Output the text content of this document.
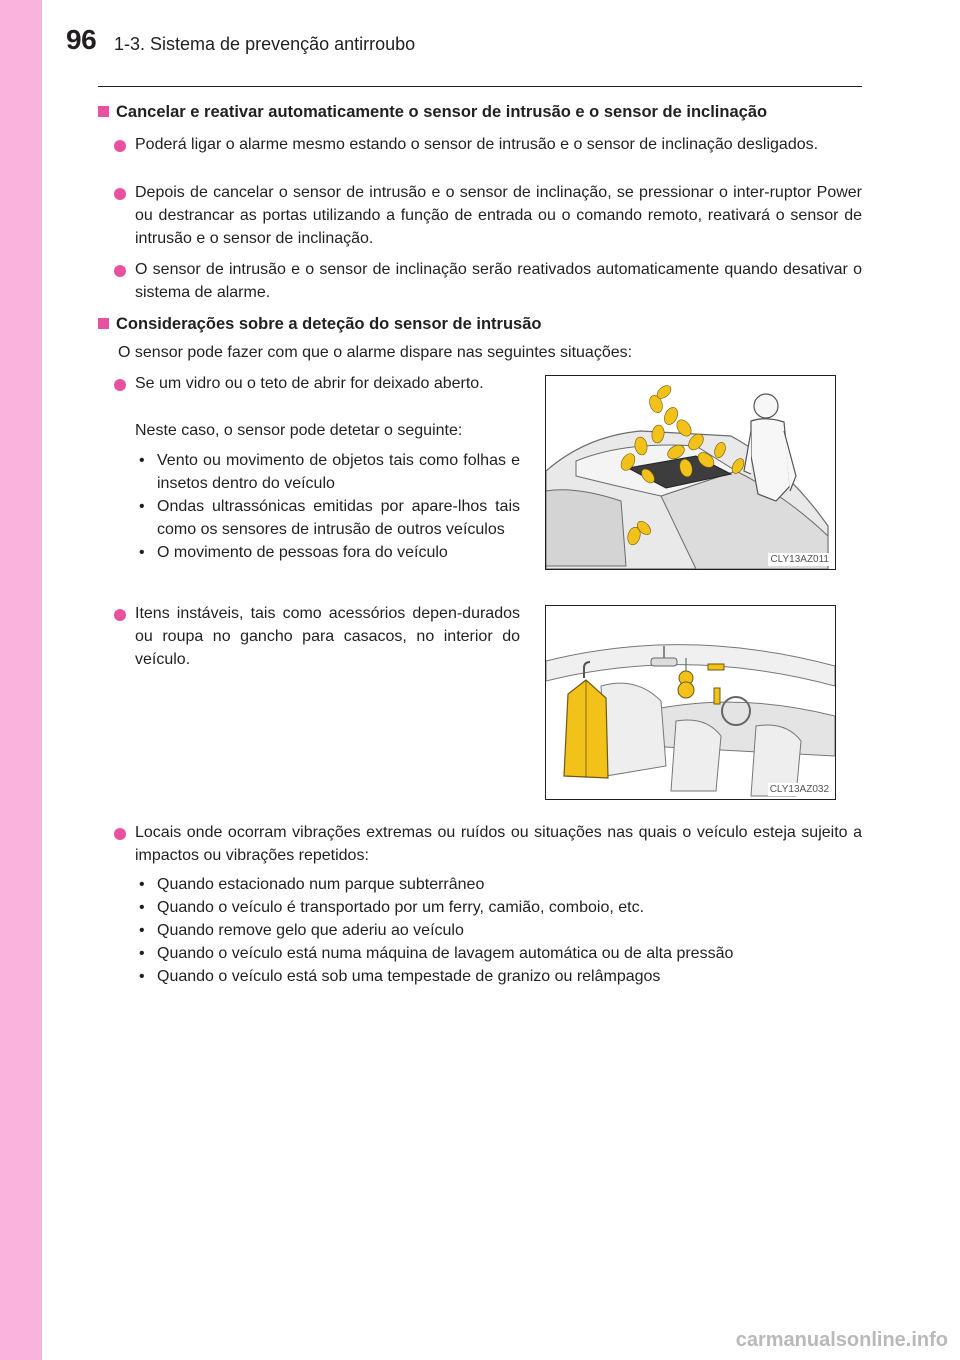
96 1-3. Sistema de prevenção antirroubo
Cancelar e reativar automaticamente o sensor de intrusão e o sensor de inclinação
Poderá ligar o alarme mesmo estando o sensor de intrusão e o sensor de inclinação desligados.
Depois de cancelar o sensor de intrusão e o sensor de inclinação, se pressionar o inter-ruptor Power ou destrancar as portas utilizando a função de entrada ou o comando remoto, reativará o sensor de intrusão e o sensor de inclinação.
O sensor de intrusão e o sensor de inclinação serão reativados automaticamente quando desativar o sistema de alarme.
Considerações sobre a deteção do sensor de intrusão
O sensor pode fazer com que o alarme dispare nas seguintes situações:
Se um vidro ou o teto de abrir for deixado aberto.
Neste caso, o sensor pode detetar o seguinte:
• Vento ou movimento de objetos tais como folhas e insetos dentro do veículo
• Ondas ultrassónicas emitidas por apare-lhos tais como os sensores de intrusão de outros veículos
• O movimento de pessoas fora do veículo	CLY13AZ011
Itens instáveis, tais como acessórios depen-durados ou roupa no gancho para casacos, no interior do veículo.
CLY13AZ032
Locais onde ocorram vibrações extremas ou ruídos ou situações nas quais o veículo esteja sujeito a impactos ou vibrações repetidos:
• Quando estacionado num parque subterrâneo
• Quando o veículo é transportado por um ferry, camião, comboio, etc.
• Quando remove gelo que aderiu ao veículo
• Quando o veículo está numa máquina de lavagem automática ou de alta pressão
• Quando o veículo está sob uma tempestade de granizo ou relâmpagos
carmanualsonline.info
